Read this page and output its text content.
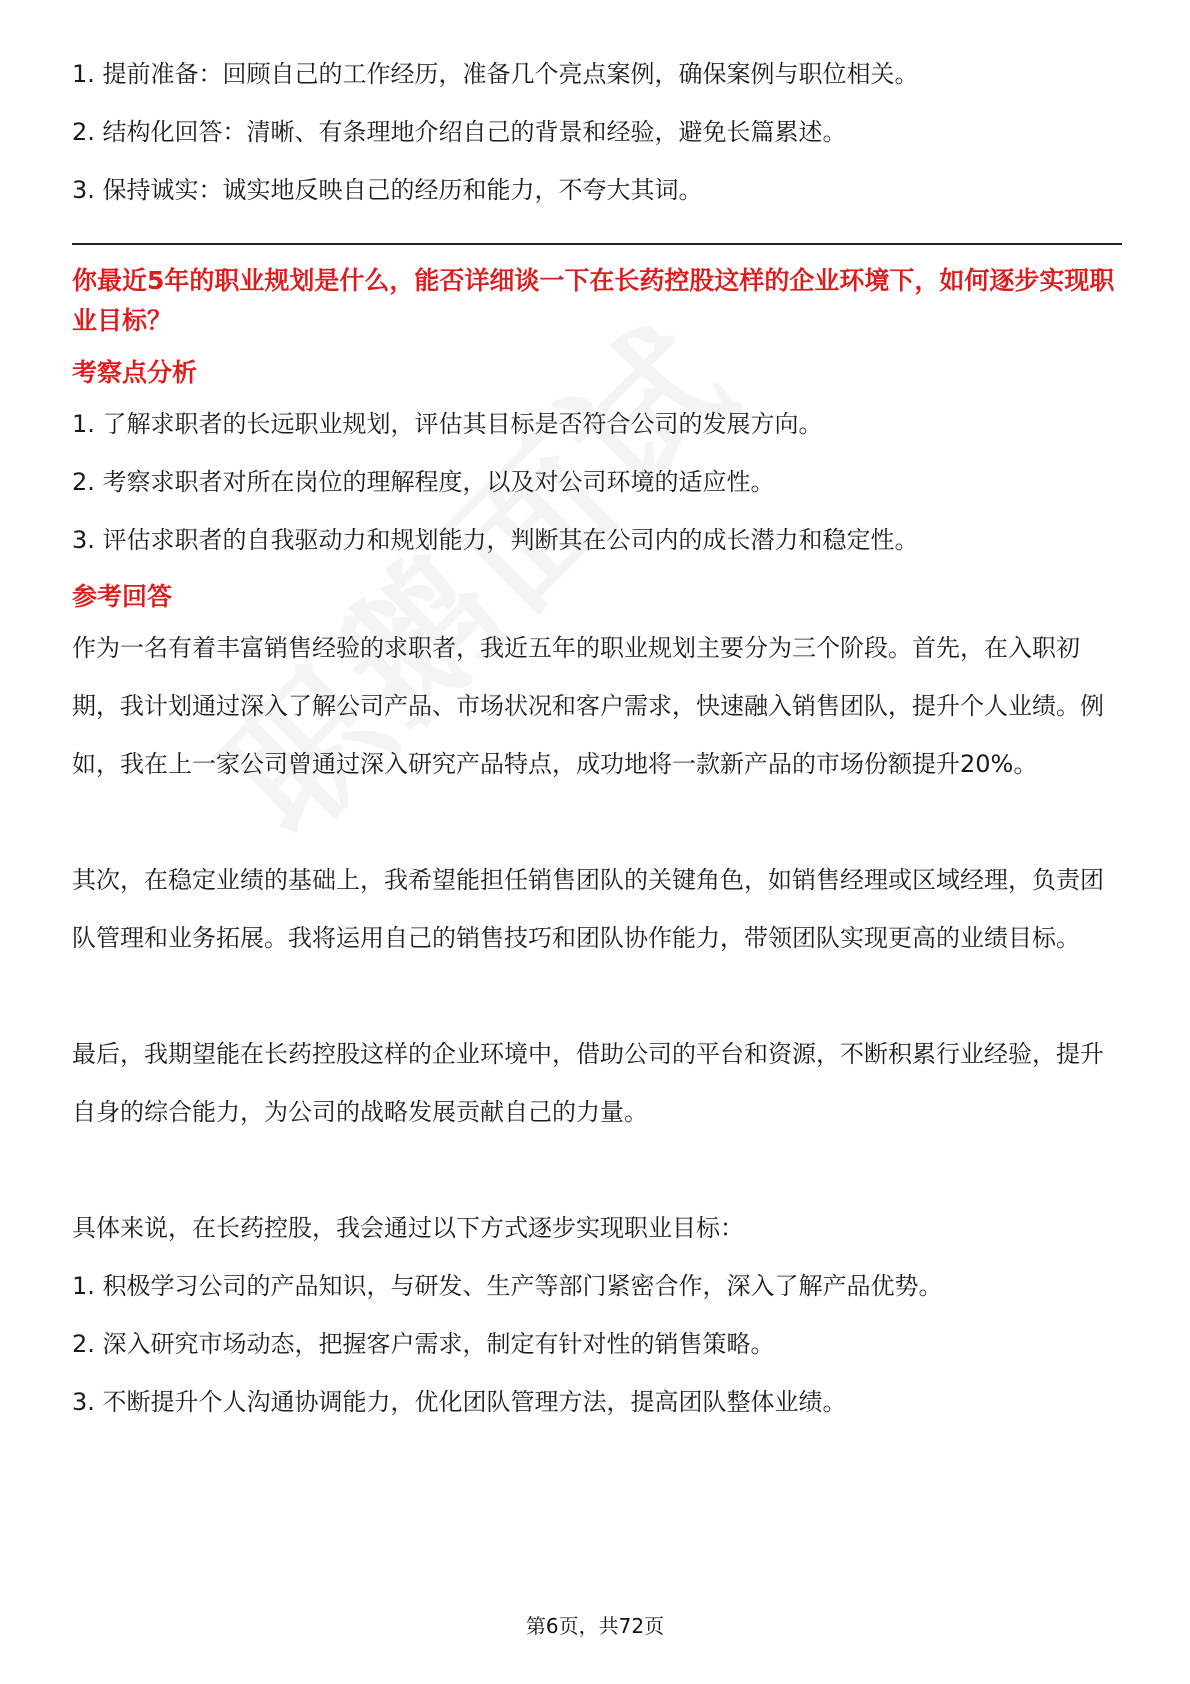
1. 提前准备：回顾自己的工作经历，准备几个亮点案例，确保案例与职位相关。

2. 结构化回答：清晰、有条理地介绍自己的背景和经验，避免长篇累述。

3. 保持诚实：诚实地反映自己的经历和能力，不夸大其词。

你最近5年的职业规划是什么，能否详细谈一下在长药控股这样的企业环境下，如何逐步实现职业目标？

考察点分析

1. 了解求职者的长远职业规划，评估其目标是否符合公司的发展方向。

2. 考察求职者对所在岗位的理解程度，以及对公司环境的适应性。

3. 评估求职者的自我驱动力和规划能力，判断其在公司内的成长潜力和稳定性。

参考回答

作为一名有着丰富销售经验的求职者，我近五年的职业规划主要分为三个阶段。首先，在入职初期，我计划通过深入了解公司产品、市场状况和客户需求，快速融入销售团队，提升个人业绩。例如，我在上一家公司曾通过深入研究产品特点，成功地将一款新产品的市场份额提升20%。

其次，在稳定业绩的基础上，我希望能担任销售团队的关键角色，如销售经理或区域经理，负责团队管理和业务拓展。我将运用自己的销售技巧和团队协作能力，带领团队实现更高的业绩目标。

最后，我期望能在长药控股这样的企业环境中，借助公司的平台和资源，不断积累行业经验，提升自身的综合能力，为公司的战略发展贡献自己的力量。

具体来说，在长药控股，我会通过以下方式逐步实现职业目标：

1. 积极学习公司的产品知识，与研发、生产等部门紧密合作，深入了解产品优势。

2. 深入研究市场动态，把握客户需求，制定有针对性的销售策略。

3. 不断提升个人沟通协调能力，优化团队管理方法，提高团队整体业绩。

第6页，共72页
